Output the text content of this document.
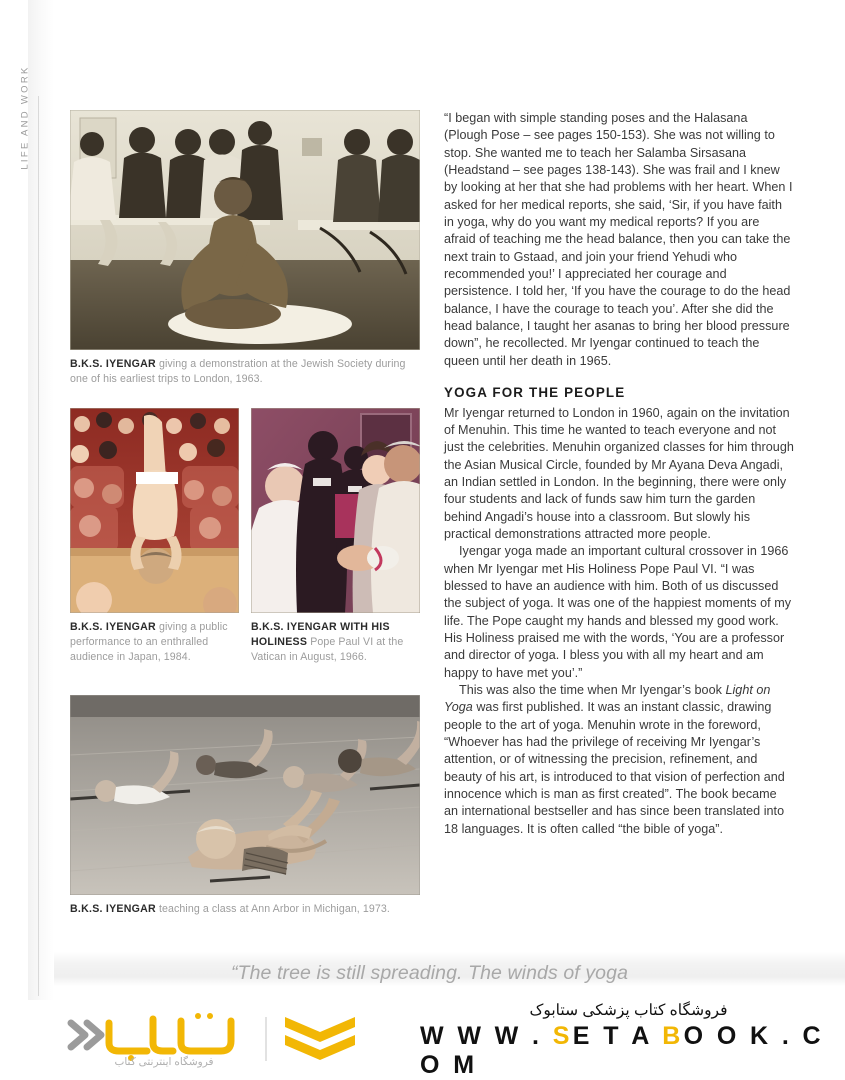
LIFE AND WORK
B.K.S. IYENGAR giving a demonstration at the Jewish Society during one of his earliest trips to London, 1963.
B.K.S. IYENGAR giving a public performance to an enthralled audience in Japan, 1984.
B.K.S. IYENGAR WITH HIS HOLINESS Pope Paul VI at the Vatican in August, 1966.
B.K.S. IYENGAR teaching a class at Ann Arbor in Michigan, 1973.

“I began with simple standing poses and the Halasana (Plough Pose – see pages 150-153). She was not willing to stop. She wanted me to teach her Salamba Sirsasana (Headstand – see pages 138-143). She was frail and I knew by looking at her that she had problems with her heart. When I asked for her medical reports, she said, ‘Sir, if you have faith in yoga, why do you want my medical reports? If you are afraid of teaching me the head balance, then you can take the next train to Gstaad, and join your friend Yehudi who recommended you!’ I appreciated her courage and persistence. I told her, ‘If you have the courage to do the head balance, I have the courage to teach you’. After she did the head balance, I taught her asanas to bring her blood pressure down”, he recollected. Mr Iyengar continued to teach the queen until her death in 1965.

YOGA FOR THE PEOPLE

Mr Iyengar returned to London in 1960, again on the invitation of Menuhin. This time he wanted to teach everyone and not just the celebrities. Menuhin organized classes for him through the Asian Musical Circle, founded by Mr Ayana Deva Angadi, an Indian settled in London. In the beginning, there were only four students and lack of funds saw him turn the garden behind Angadi’s house into a classroom. But slowly his practical demonstrations attracted more people.

Iyengar yoga made an important cultural crossover in 1966 when Mr Iyengar met His Holiness Pope Paul VI. “I was blessed to have an audience with him. Both of us discussed the subject of yoga. It was one of the happiest moments of my life. The Pope caught my hands and blessed my good work. His Holiness praised me with the words, ‘You are a professor and director of yoga. I bless you with all my heart and am happy to have met you’.”

This was also the time when Mr Iyengar’s book Light on Yoga was first published. It was an instant classic, drawing people to the art of yoga. Menuhin wrote in the foreword, “Whoever has had the privilege of receiving Mr Iyengar’s attention, or of witnessing the precision, refinement, and beauty of his art, is introduced to that vision of perfection and innocence which is man as first created”. The book became an international bestseller and has since been translated into 18 languages. It is often called “the bible of yoga”.

“The tree is still spreading. The winds of yoga
فروشگاه اینترنتی کتاب
فروشگاه کتاب پزشکی ستابوک
W W W . SE T A BO O K . C O M
